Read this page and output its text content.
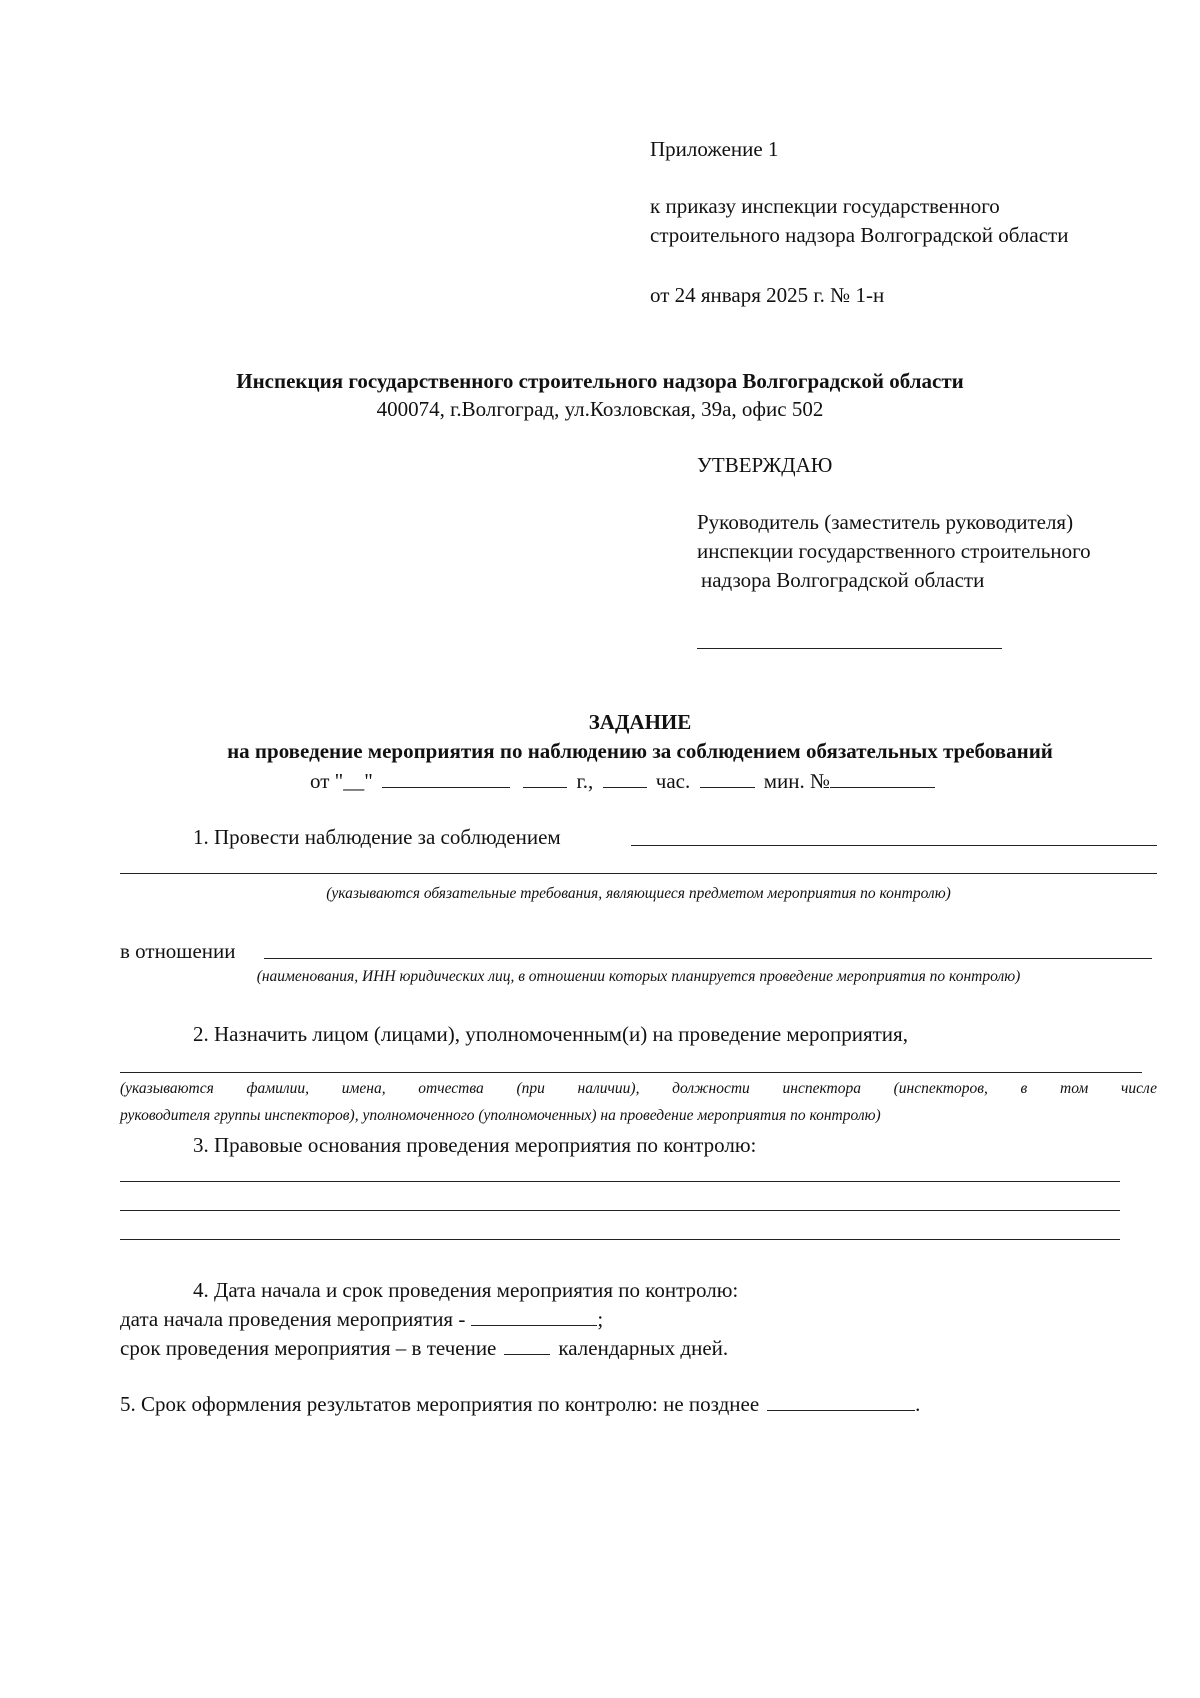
Приложение 1
к приказу инспекции государственного
строительного надзора Волгоградской области
от 24 января 2025 г. № 1-н
Инспекция государственного строительного надзора Волгоградской области
400074, г.Волгоград, ул.Козловская, 39а, офис 502
УТВЕРЖДАЮ
Руководитель (заместитель руководителя)
инспекции государственного строительного
надзора Волгоградской области
ЗАДАНИЕ
на проведение мероприятия по наблюдению за соблюдением обязательных требований
от "__"	г.,	час.	мин. №
1. Провести наблюдение за соблюдением
(указываются обязательные требования, являющиеся предметом мероприятия по контролю)
в отношении
(наименования, ИНН юридических лиц, в отношении которых планируется проведение мероприятия по контролю)
2. Назначить лицом (лицами), уполномоченным(и) на проведение мероприятия,
(указываются фамилии, имена, отчества (при наличии), должности инспектора (инспекторов, в том числе
руководителя группы инспекторов), уполномоченного (уполномоченных) на проведение мероприятия по контролю)
3. Правовые основания проведения мероприятия по контролю:
4. Дата начала и срок проведения мероприятия по контролю:
дата начала проведения мероприятия -	;
срок проведения мероприятия – в течение	календарных дней.
5. Срок оформления результатов мероприятия по контролю: не позднее	.
